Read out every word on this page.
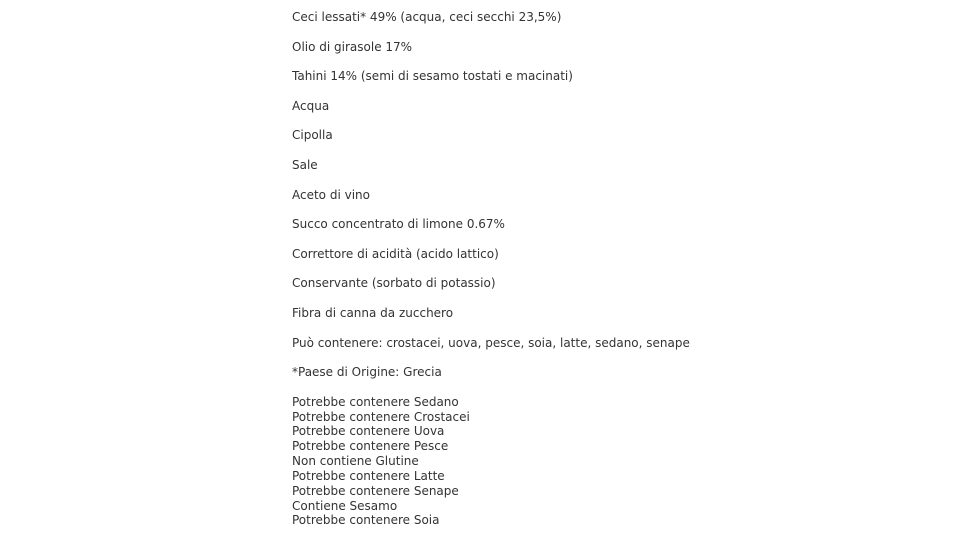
Ceci lessati* 49% (acqua, ceci secchi 23,5%)

Olio di girasole 17%

Tahini 14% (semi di sesamo tostati e macinati)

Acqua

Cipolla

Sale

Aceto di vino

Succo concentrato di limone 0.67%

Correttore di acidità (acido lattico)

Conservante (sorbato di potassio)

Fibra di canna da zucchero

Può contenere: crostacei, uova, pesce, soia, latte, sedano, senape

*Paese di Origine: Grecia

Potrebbe contenere Sedano
Potrebbe contenere Crostacei
Potrebbe contenere Uova
Potrebbe contenere Pesce
Non contiene Glutine
Potrebbe contenere Latte
Potrebbe contenere Senape
Contiene Sesamo
Potrebbe contenere Soia
